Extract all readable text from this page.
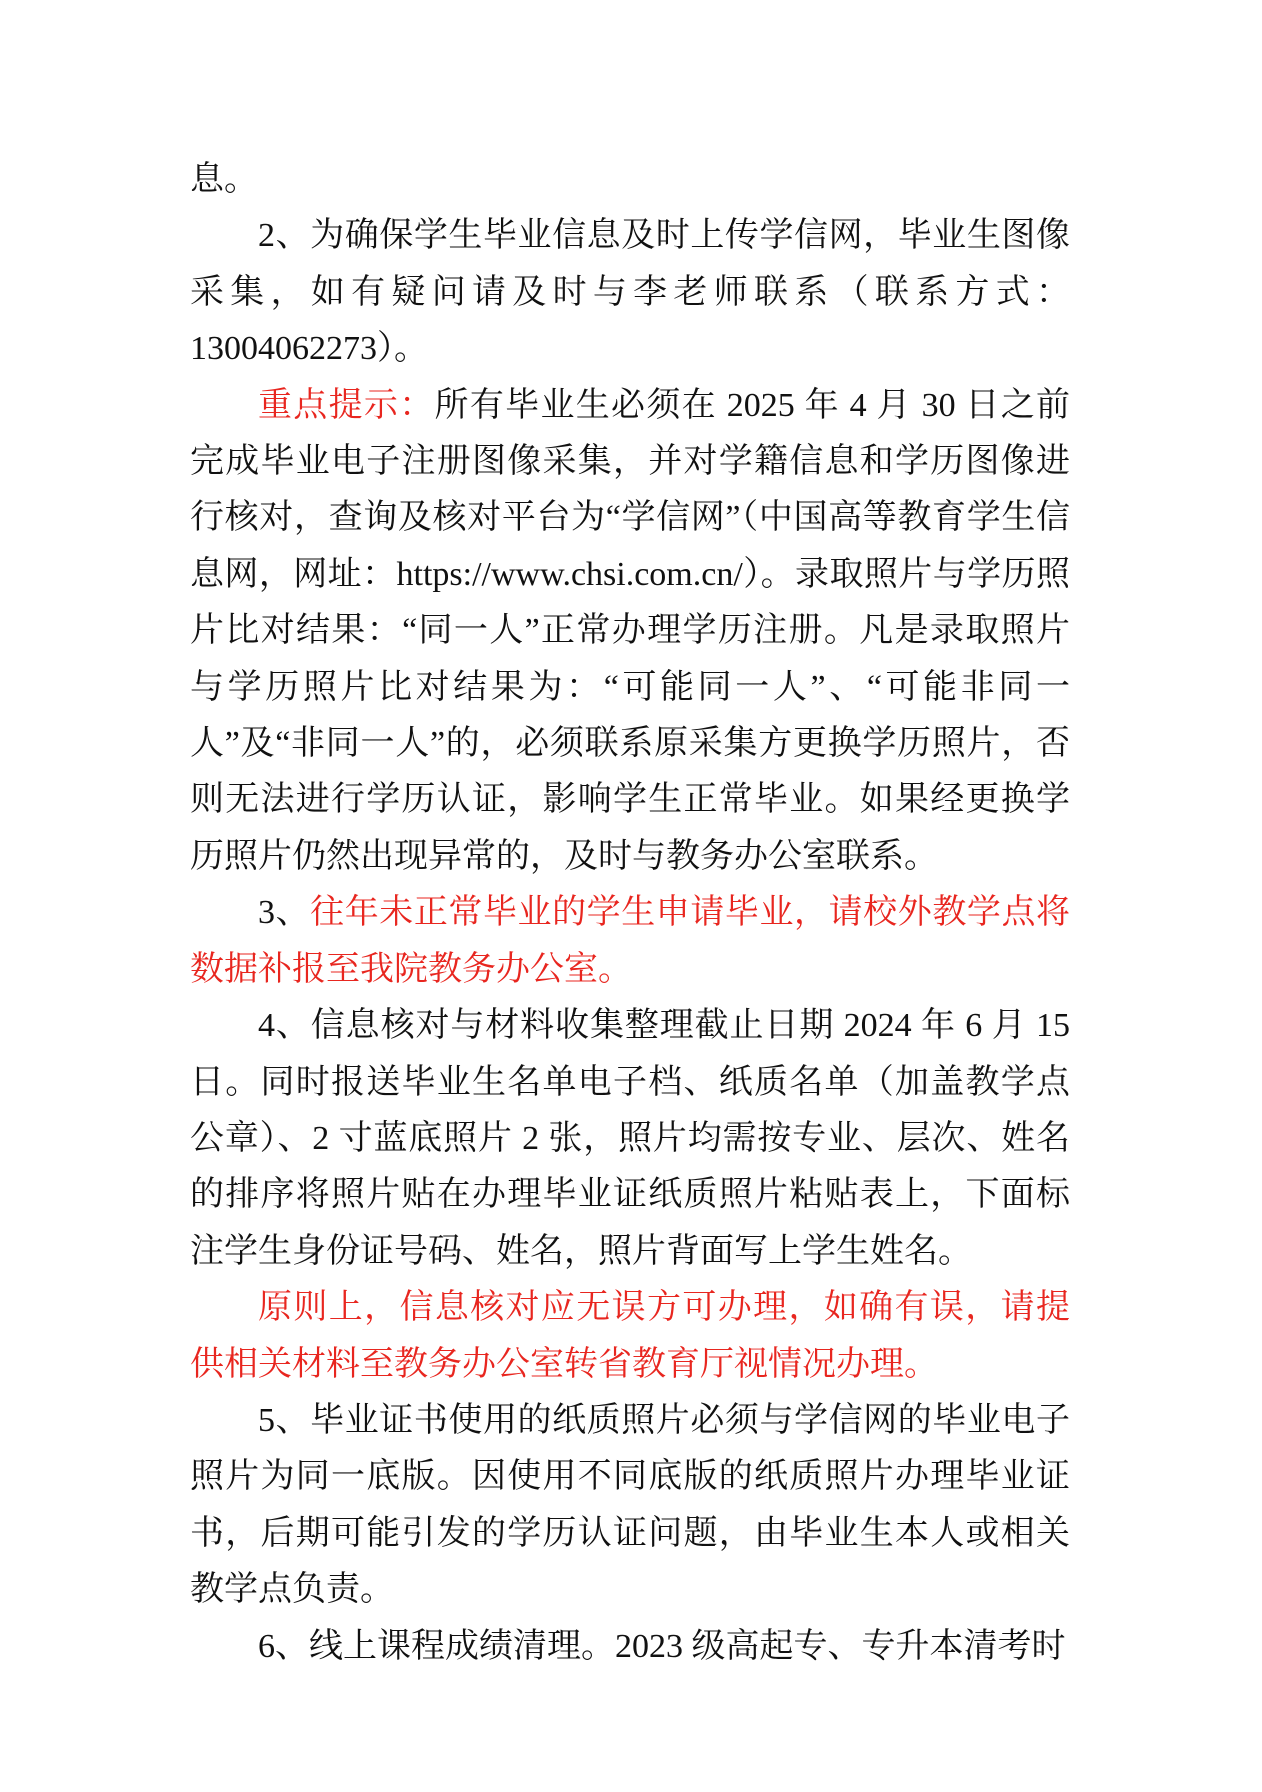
息。

2、为确保学生毕业信息及时上传学信网，毕业生图像采集，如有疑问请及时与李老师联系（联系方式：13004062273）。

重点提示：所有毕业生必须在 2025 年 4 月 30 日之前完成毕业电子注册图像采集，并对学籍信息和学历图像进行核对，查询及核对平台为“学信网”（中国高等教育学生信息网，网址：https://www.chsi.com.cn/）。录取照片与学历照片比对结果：“同一人”正常办理学历注册。凡是录取照片与学历照片比对结果为：“可能同一人”、“可能非同一人”及“非同一人”的，必须联系原采集方更换学历照片，否则无法进行学历认证，影响学生正常毕业。如果经更换学历照片仍然出现异常的，及时与教务办公室联系。

3、往年未正常毕业的学生申请毕业，请校外教学点将数据补报至我院教务办公室。

4、信息核对与材料收集整理截止日期 2024 年 6 月 15 日。同时报送毕业生名单电子档、纸质名单（加盖教学点公章）、2 寸蓝底照片 2 张，照片均需按专业、层次、姓名的排序将照片贴在办理毕业证纸质照片粘贴表上，下面标注学生身份证号码、姓名，照片背面写上学生姓名。

原则上，信息核对应无误方可办理，如确有误，请提供相关材料至教务办公室转省教育厅视情况办理。

5、毕业证书使用的纸质照片必须与学信网的毕业电子照片为同一底版。因使用不同底版的纸质照片办理毕业证书，后期可能引发的学历认证问题，由毕业生本人或相关教学点负责。

6、线上课程成绩清理。2023 级高起专、专升本清考时
